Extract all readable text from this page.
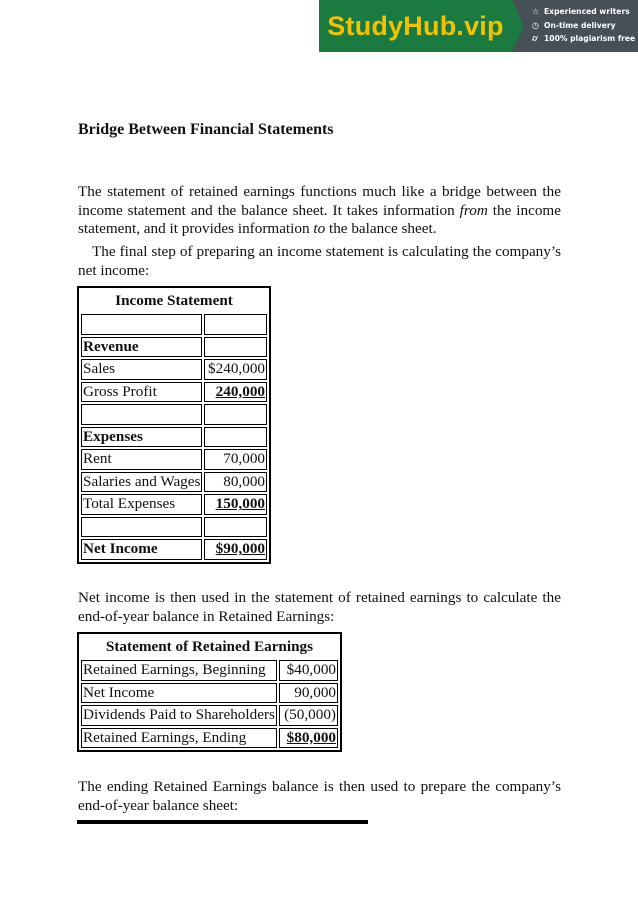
StudyHub.vip	☆ Experienced writers
◷ On-time delivery
⌭ 100% plagiarism free
Bridge Between Financial Statements
The statement of retained earnings functions much like a bridge between the income statement and the balance sheet. It takes information from the income statement, and it provides information to the balance sheet.
The final step of preparing an income statement is calculating the company’s net income:
Income Statement	

Revenue	
Sales	$240,000
Gross Profit	240,000

Expenses	
Rent	70,000
Salaries and Wages	80,000
Total Expenses	150,000

Net Income	$90,000
Net income is then used in the statement of retained earnings to calculate the end-of-year balance in Retained Earnings:
Statement of Retained Earnings	
Retained Earnings, Beginning	$40,000
Net Income	90,000
Dividends Paid to Shareholders	(50,000)
Retained Earnings, Ending	$80,000
The ending Retained Earnings balance is then used to prepare the company’s end-of-year balance sheet:
